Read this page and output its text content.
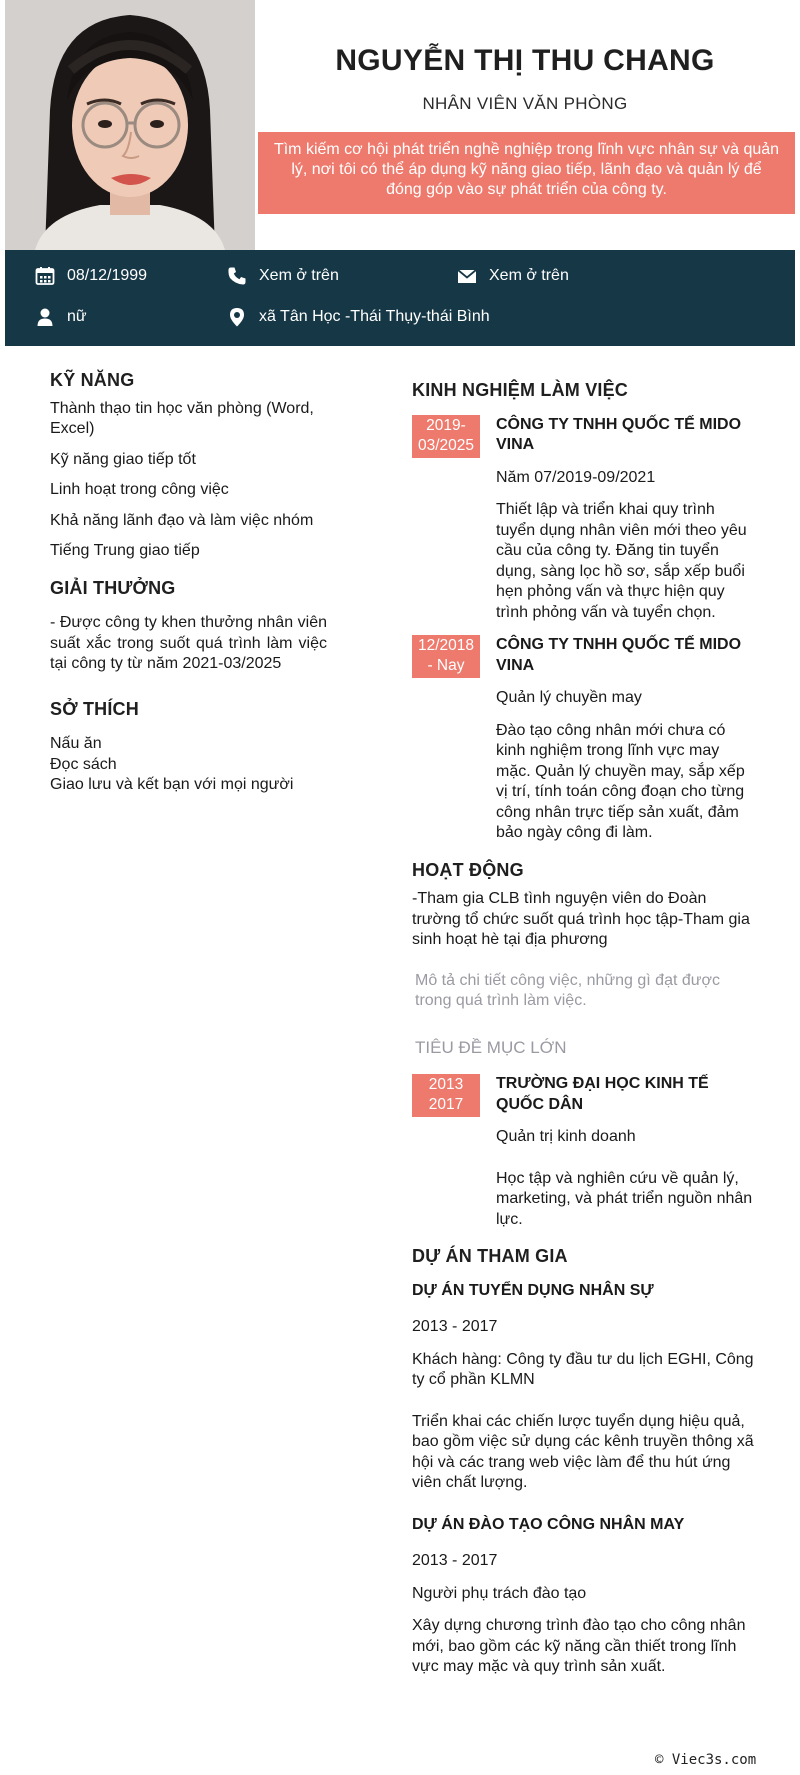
NGUYỄN THỊ THU CHANG
NHÂN VIÊN VĂN PHÒNG
Tìm kiếm cơ hội phát triển nghề nghiệp trong lĩnh vực nhân sự và quản lý, nơi tôi có thể áp dụng kỹ năng giao tiếp, lãnh đạo và quản lý để đóng góp vào sự phát triển của công ty.
08/12/1999	Xem ở trên	Xem ở trên
nữ	xã Tân Học -Thái Thụy-thái Bình
KỸ NĂNG
Thành thạo tin học văn phòng (Word, Excel)
Kỹ năng giao tiếp tốt
Linh hoạt trong công việc
Khả năng lãnh đạo và làm việc nhóm
Tiếng Trung giao tiếp
GIẢI THƯỞNG
- Được công ty khen thưởng nhân viên suất xắc trong suốt quá trình làm việc tại công ty từ năm 2021-03/2025
SỞ THÍCH
Nấu ăn
Đọc sách
Giao lưu và kết bạn với mọi người
KINH NGHIỆM LÀM VIỆC
2019-
03/2025
CÔNG TY TNHH QUỐC TẾ MIDO VINA
Năm 07/2019-09/2021
Thiết lập và triển khai quy trình tuyển dụng nhân viên mới theo yêu cầu của công ty. Đăng tin tuyển dụng, sàng lọc hồ sơ, sắp xếp buổi hẹn phỏng vấn và thực hiện quy trình phỏng vấn và tuyển chọn.
12/2018
- Nay
CÔNG TY TNHH QUỐC TẾ MIDO VINA
Quản lý chuyền may
Đào tạo công nhân mới chưa có kinh nghiệm trong lĩnh vực may mặc. Quản lý chuyền may, sắp xếp vị trí, tính toán công đoạn cho từng công nhân trực tiếp sản xuất, đảm bảo ngày công đi làm.
HOẠT ĐỘNG
-Tham gia CLB tình nguyện viên do Đoàn trường tổ chức suốt quá trình học tập-Tham gia sinh hoạt hè tại địa phương
Mô tả chi tiết công việc, những gì đạt được trong quá trình làm việc.
TIÊU ĐỀ MỤC LỚN
2013
2017
TRƯỜNG ĐẠI HỌC KINH TẾ QUỐC DÂN
Quản trị kinh doanh
Học tập và nghiên cứu về quản lý, marketing, và phát triển nguồn nhân lực.
DỰ ÁN THAM GIA
DỰ ÁN TUYỂN DỤNG NHÂN SỰ
2013 - 2017
Khách hàng: Công ty đầu tư du lịch EGHI, Công ty cổ phần KLMN
Triển khai các chiến lược tuyển dụng hiệu quả, bao gồm việc sử dụng các kênh truyền thông xã hội và các trang web việc làm để thu hút ứng viên chất lượng.
DỰ ÁN ĐÀO TẠO CÔNG NHÂN MAY
2013 - 2017
Người phụ trách đào tạo
Xây dựng chương trình đào tạo cho công nhân mới, bao gồm các kỹ năng cần thiết trong lĩnh vực may mặc và quy trình sản xuất.
© Viec3s.com
